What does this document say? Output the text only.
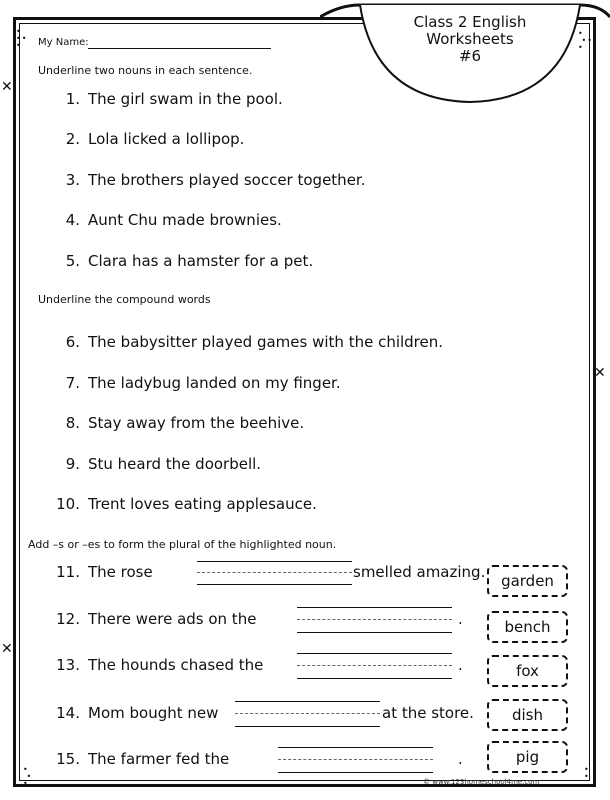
Class 2 English
Worksheets
#6
My Name:
Underline two nouns in each sentence.
1. The girl swam in the pool.
2. Lola licked a lollipop.
3. The brothers played soccer together.
4. Aunt Chu made brownies.
5. Clara has a hamster for a pet.
Underline the compound words
6. The babysitter played games with the children.
7. The ladybug landed on my finger.
8. Stay away from the beehive.
9. Stu heard the doorbell.
10. Trent loves eating applesauce.
Add –s or –es to form the plural of the highlighted noun.
11. The rose	smelled amazing.	garden
12. There were ads on the	.	bench
13. The hounds chased the	.	fox
14. Mom bought new	at the store.	dish
15. The farmer fed the	.	pig
•
••
•
•
••
•
•
•
•
•
•
✕
✕
✕
© www.123homeschool4me.com
